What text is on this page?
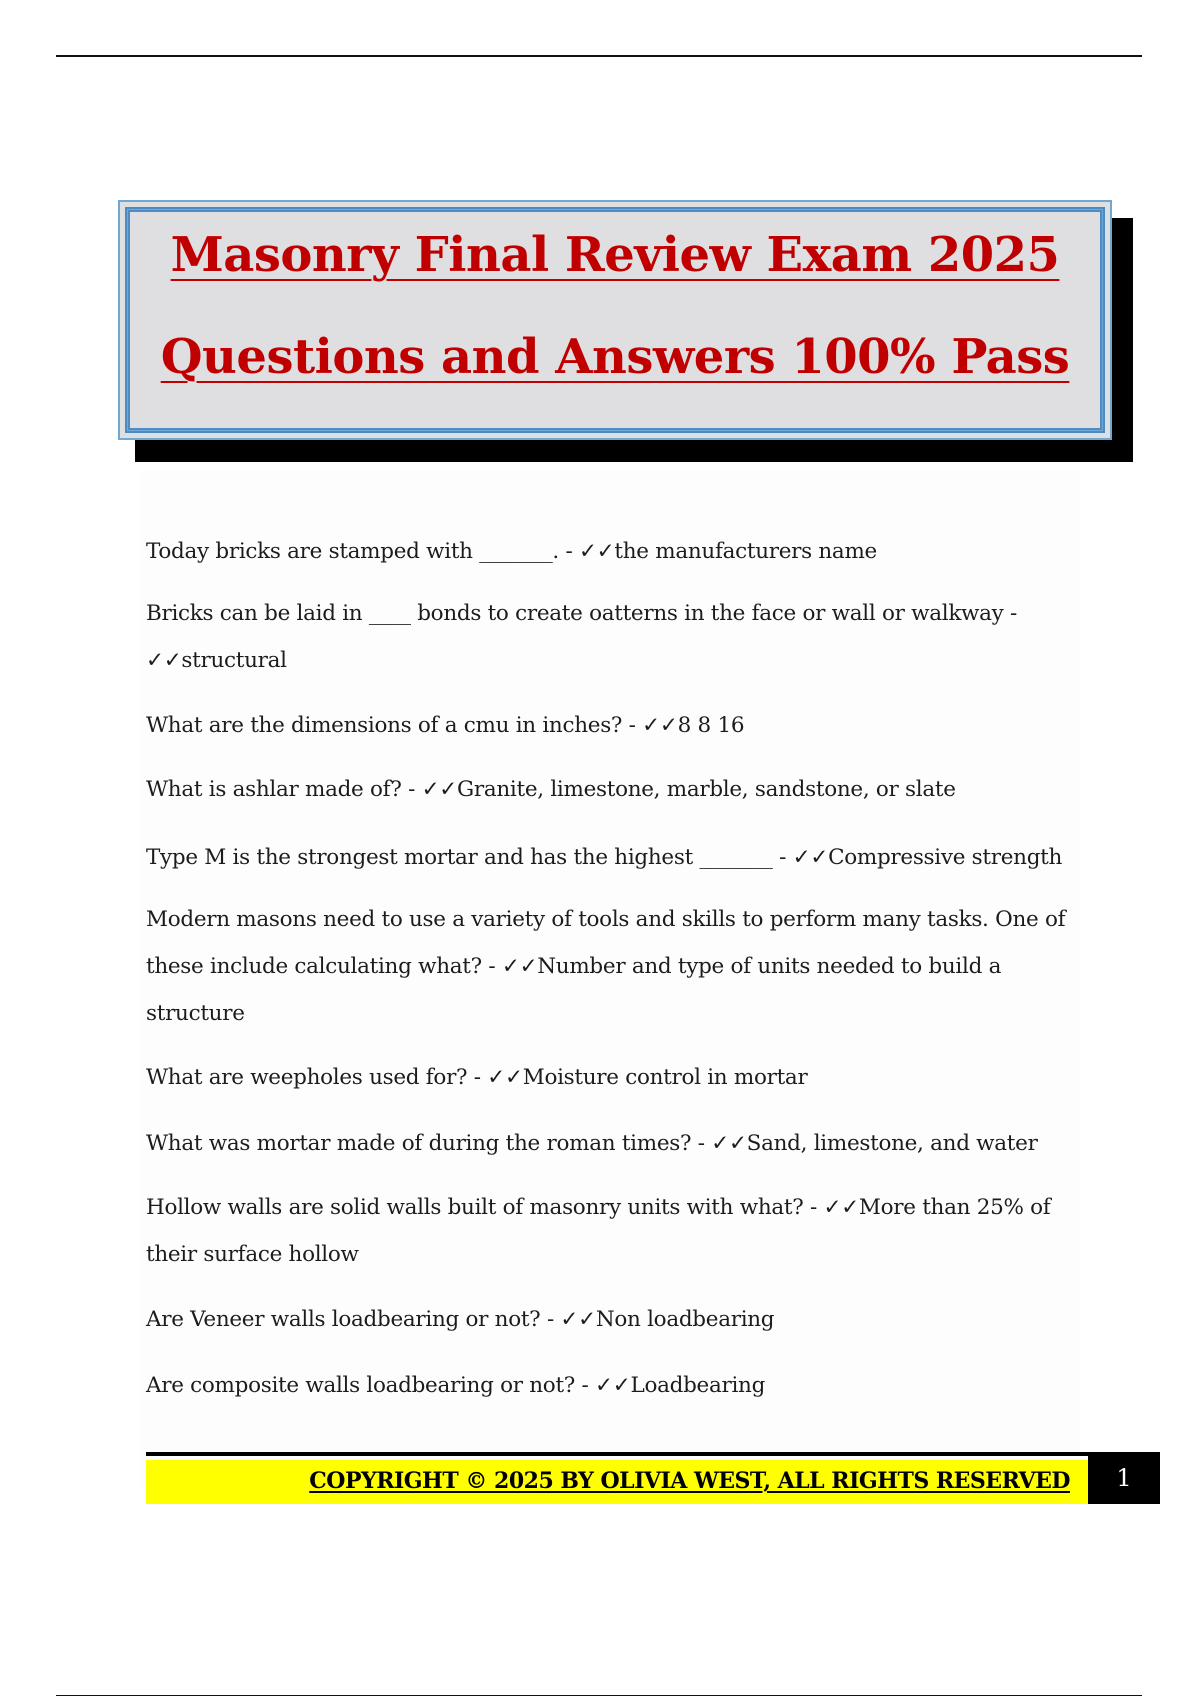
Masonry Final Review Exam 2025
Questions and Answers 100% Pass
Today bricks are stamped with _______. - ✓✓the manufacturers name
Bricks can be laid in ____ bonds to create oatterns in the face or wall or walkway - ✓✓structural
What are the dimensions of a cmu in inches? - ✓✓8 8 16
What is ashlar made of? - ✓✓Granite, limestone, marble, sandstone, or slate
Type M is the strongest mortar and has the highest _______ - ✓✓Compressive strength
Modern masons need to use a variety of tools and skills to perform many tasks. One of these include calculating what? - ✓✓Number and type of units needed to build a structure
What are weepholes used for? - ✓✓Moisture control in mortar
What was mortar made of during the roman times? - ✓✓Sand, limestone, and water
Hollow walls are solid walls built of masonry units with what? - ✓✓More than 25% of their surface hollow
Are Veneer walls loadbearing or not? - ✓✓Non loadbearing
Are composite walls loadbearing or not? - ✓✓Loadbearing
COPYRIGHT © 2025 BY OLIVIA WEST, ALL RIGHTS RESERVED	1
